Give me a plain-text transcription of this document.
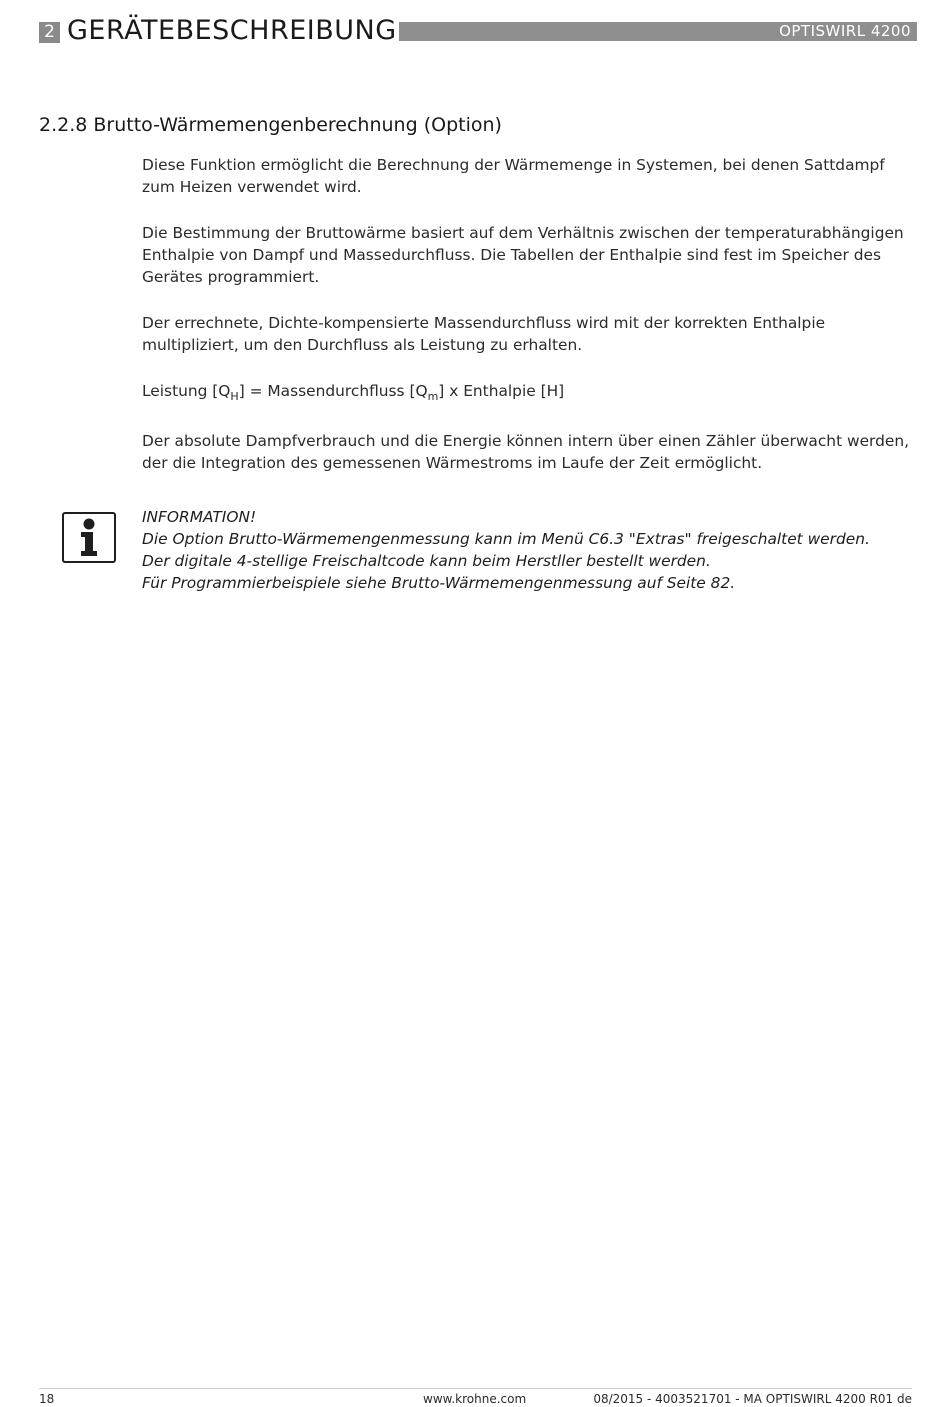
2 GERÄTEBESCHREIBUNG	OPTISWIRL 4200
2.2.8 Brutto-Wärmemengenberechnung (Option)

Diese Funktion ermöglicht die Berechnung der Wärmemenge in Systemen, bei denen Sattdampf zum Heizen verwendet wird.

Die Bestimmung der Bruttowärme basiert auf dem Verhältnis zwischen der temperaturabhängigen Enthalpie von Dampf und Massedurchfluss. Die Tabellen der Enthalpie sind fest im Speicher des Gerätes programmiert.

Der errechnete, Dichte-kompensierte Massendurchfluss wird mit der korrekten Enthalpie multipliziert, um den Durchfluss als Leistung zu erhalten.

Leistung $[Q_H]$ = Massendurchfluss $[Q_m]$ x Enthalpie [H]

Der absolute Dampfverbrauch und die Energie können intern über einen Zähler überwacht werden, der die Integration des gemessenen Wärmestroms im Laufe der Zeit ermöglicht.

INFORMATION!
Die Option Brutto-Wärmemengenmessung kann im Menü C6.3 "Extras" freigeschaltet werden.
Der digitale 4-stellige Freischaltcode kann beim Herstller bestellt werden.
Für Programmierbeispiele siehe Brutto-Wärmemengenmessung auf Seite 82.
18	www.krohne.com	08/2015 - 4003521701 - MA OPTISWIRL 4200 R01 de
